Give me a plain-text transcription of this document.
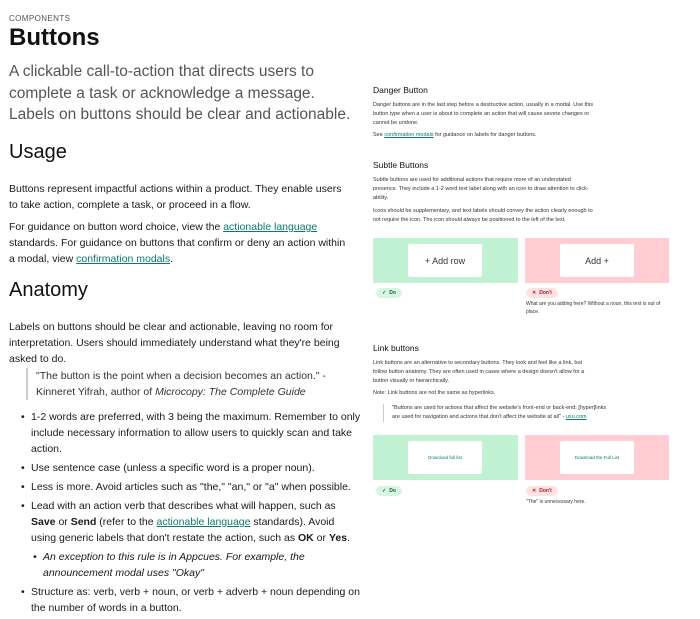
COMPONENTS
Buttons
A clickable call-to-action that directs users to complete a task or acknowledge a message. Labels on buttons should be clear and actionable.
Usage
Buttons represent impactful actions within a product. They enable users to take action, complete a task, or proceed in a flow.
For guidance on button word choice, view the actionable language standards. For guidance on buttons that confirm or deny an action within a modal, view confirmation modals.
Anatomy
Labels on buttons should be clear and actionable, leaving no room for interpretation. Users should immediately understand what they're being asked to do.
"The button is the point when a decision becomes an action." - Kinneret Yifrah, author of Microcopy: The Complete Guide
• 1-2 words are preferred, with 3 being the maximum. Remember to only include necessary information to allow users to quickly scan and take action.
• Use sentence case (unless a specific word is a proper noun).
• Less is more. Avoid articles such as "the," "an," or "a" when possible.
• Lead with an action verb that describes what will happen, such as Save or Send (refer to the actionable language standards). Avoid using generic labels that don't restate the action, such as OK or Yes.
• An exception to this rule is in Appcues. For example, the announcement modal uses "Okay"
• Structure as: verb, verb + noun, or verb + adverb + noun depending on the number of words in a button.
Danger Button
Danger buttons are in the last step before a destructive action, usually in a modal. Use this button type when a user is about to complete an action that will cause severe changes or cannot be undone.
See confirmation modals for guidance on labels for danger buttons.
Subtle Buttons
Subtle buttons are used for additional actions that require more of an understated presence. They include a 1-2 word text label along with an icon to draw attention to click-ability.
Icons should be supplementary, and text labels should convey the action clearly enough to not require the icon. The icon should always be positioned to the left of the text.
+ Add row	Add +
✓ Do	✕ Don't
What are you adding here? Without a noun, this text is out of place.
Link buttons
Link buttons are an alternative to secondary buttons. They look and feel like a link, but follow button anatomy. They are often used in cases where a design doesn't allow for a button visually or hierarchically.
Note: Link buttons are not the same as hyperlinks.
"Buttons are used for actions that affect the website's front-end or back-end; [hyper]links are used for navigation and actions that don't affect the website at all" - uxu.com
Download full list	Download the Full List
✓ Do	✕ Don't
"The" is unnecessary here.
